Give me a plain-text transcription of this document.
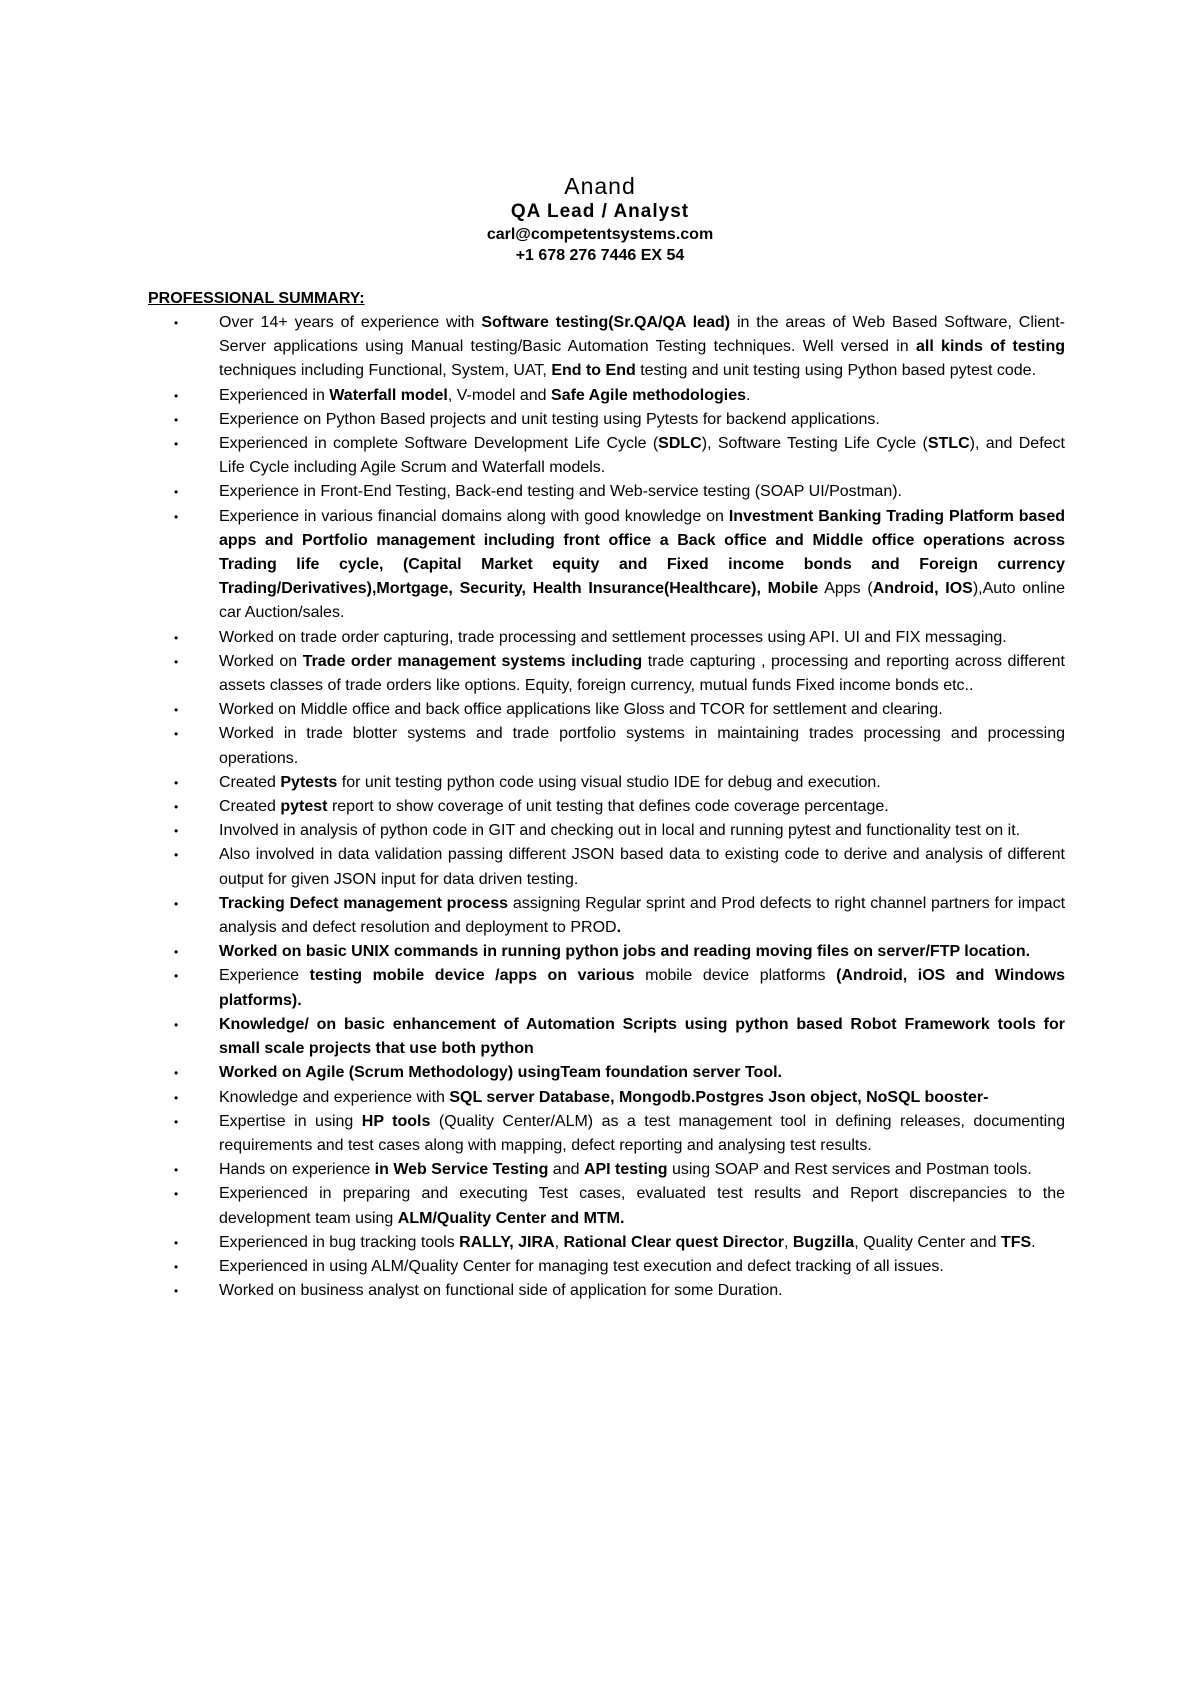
Anand
QA Lead / Analyst
carl@competentsystems.com
+1 678 276 7446 EX 54
PROFESSIONAL SUMMARY:
•	Over 14+ years of experience with Software testing(Sr.QA/QA lead) in the areas of Web Based Software, Client-Server applications using Manual testing/Basic Automation Testing techniques. Well versed in all kinds of testing techniques including Functional, System, UAT, End to End testing and unit testing using Python based pytest code.
•	Experienced in Waterfall model, V-model and Safe Agile methodologies.
•	Experience on Python Based projects and unit testing using Pytests for backend applications.
•	Experienced in complete Software Development Life Cycle (SDLC), Software Testing Life Cycle (STLC), and Defect Life Cycle including Agile Scrum and Waterfall models.
•	Experience in Front-End Testing, Back-end testing and Web-service testing (SOAP UI/Postman).
•	Experience in various financial domains along with good knowledge on Investment Banking Trading Platform based apps and Portfolio management including front office a Back office and Middle office operations across Trading life cycle, (Capital Market equity and Fixed income bonds and Foreign currency Trading/Derivatives),Mortgage, Security, Health Insurance(Healthcare), Mobile Apps (Android, IOS),Auto online car Auction/sales.
•	Worked on trade order capturing, trade processing and settlement processes using API. UI and FIX messaging.
•	Worked on Trade order management systems including trade capturing , processing and reporting across different assets classes of trade orders like options. Equity, foreign currency, mutual funds Fixed income bonds etc..
•	Worked on Middle office and back office applications like Gloss and TCOR for settlement and clearing.
•	Worked in trade blotter systems and trade portfolio systems in maintaining trades processing and processing operations.
•	Created Pytests for unit testing python code using visual studio IDE for debug and execution.
•	Created pytest report to show coverage of unit testing that defines code coverage percentage.
•	Involved in analysis of python code in GIT and checking out in local and running pytest and functionality test on it.
•	Also involved in data validation passing different JSON based data to existing code to derive and analysis of different output for given JSON input for data driven testing.
•	Tracking Defect management process assigning Regular sprint and Prod defects to right channel partners for impact analysis and defect resolution and deployment to PROD.
•	Worked on basic UNIX commands in running python jobs and reading moving files on server/FTP location.
•	Experience testing mobile device /apps on various mobile device platforms (Android, iOS and Windows platforms).
•	Knowledge/ on basic enhancement of Automation Scripts using python based Robot Framework tools for small scale projects that use both python
•	Worked on Agile (Scrum Methodology) usingTeam foundation server Tool.
•	Knowledge and experience with SQL server Database, Mongodb.Postgres Json object, NoSQL booster-
•	Expertise in using HP tools (Quality Center/ALM) as a test management tool in defining releases, documenting requirements and test cases along with mapping, defect reporting and analysing test results.
•	Hands on experience in Web Service Testing and API testing using SOAP and Rest services and Postman tools.
•	Experienced in preparing and executing Test cases, evaluated test results and Report discrepancies to the development team using ALM/Quality Center and MTM.
•	Experienced in bug tracking tools RALLY, JIRA, Rational Clear quest Director, Bugzilla, Quality Center and TFS.
•	Experienced in using ALM/Quality Center for managing test execution and defect tracking of all issues.
•	Worked on business analyst on functional side of application for some Duration.
